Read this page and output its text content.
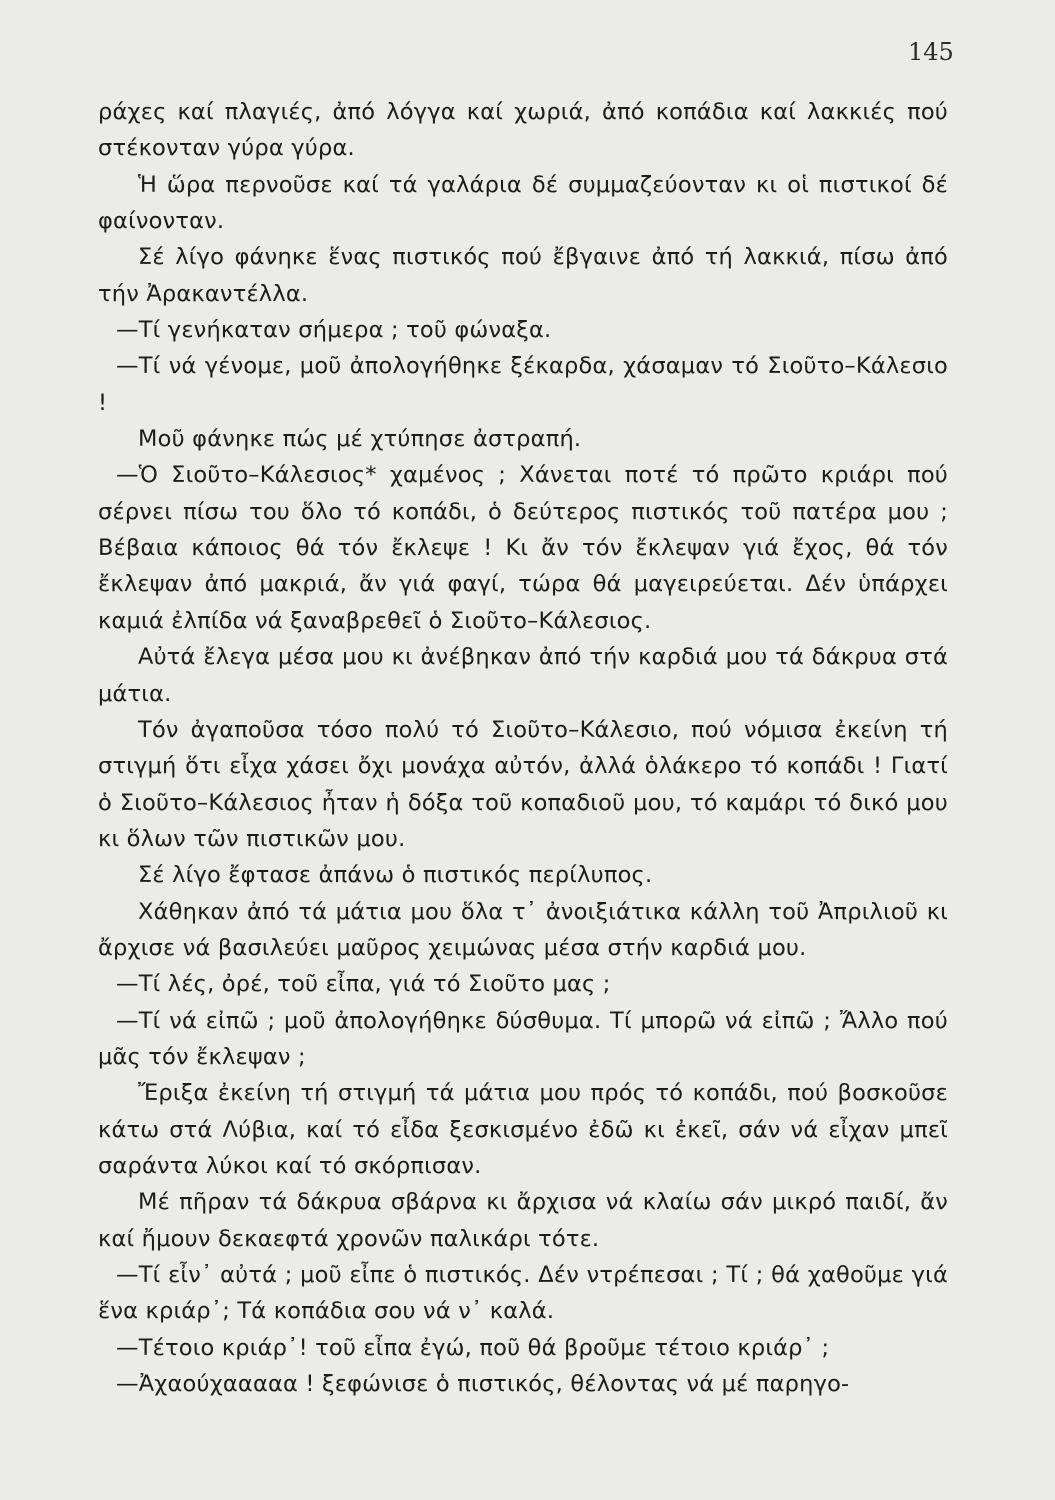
145

ράχες καί πλαγιές, ἀπό λόγγα καί χωριά, ἀπό κοπάδια καί λακκιές πού στέκονταν γύρα γύρα.

Ἡ ὥρα περνοῦσε καί τά γαλάρια δέ συμμαζεύονταν κι οἱ πιστικοί δέ φαίνονταν.

Σέ λίγο φάνηκε ἕνας πιστικός πού ἔβγαινε ἀπό τή λακκιά, πίσω ἀπό τήν Ἀρακαντέλλα.

—Τί γενήκαταν σήμερα ; τοῦ φώναξα.

—Τί νά γένομε, μοῦ ἀπολογήθηκε ξέκαρδα, χάσαμαν τό Σιοῦτο–Κάλεσιο !

Μοῦ φάνηκε πώς μέ χτύπησε ἀστραπή.

—Ὁ Σιοῦτο–Κάλεσιος* χαμένος ; Χάνεται ποτέ τό πρῶτο κριάρι πού σέρνει πίσω του ὅλο τό κοπάδι, ὁ δεύτερος πιστικός τοῦ πατέρα μου ; Βέβαια κάποιος θά τόν ἔκλεψε ! Κι ἄν τόν ἔκλεψαν γιά ἔχος, θά τόν ἔκλεψαν ἀπό μακριά, ἄν γιά φαγί, τώρα θά μαγειρεύεται. Δέν ὑπάρχει καμιά ἐλπίδα νά ξαναβρεθεῖ ὁ Σιοῦτο–Κάλεσιος.

Αὐτά ἔλεγα μέσα μου κι ἀνέβηκαν ἀπό τήν καρδιά μου τά δάκρυα στά μάτια.

Τόν ἀγαποῦσα τόσο πολύ τό Σιοῦτο–Κάλεσιο, πού νόμισα ἐκείνη τή στιγμή ὅτι εἶχα χάσει ὄχι μονάχα αὐτόν, ἀλλά ὁλάκερο τό κοπάδι ! Γιατί ὁ Σιοῦτο–Κάλεσιος ἦταν ἡ δόξα τοῦ κοπαδιοῦ μου, τό καμάρι τό δικό μου κι ὅλων τῶν πιστικῶν μου.

Σέ λίγο ἔφτασε ἀπάνω ὁ πιστικός περίλυπος.

Χάθηκαν ἀπό τά μάτια μου ὅλα τ᾽ ἀνοιξιάτικα κάλλη τοῦ Ἀπριλιοῦ κι ἄρχισε νά βασιλεύει μαῦρος χειμώνας μέσα στήν καρδιά μου.

—Τί λές, ὀρέ, τοῦ εἶπα, γιά τό Σιοῦτο μας ;

—Τί νά εἰπῶ ; μοῦ ἀπολογήθηκε δύσθυμα. Τί μπορῶ νά εἰπῶ ; Ἄλλο πού μᾶς τόν ἔκλεψαν ;

Ἔριξα ἐκείνη τή στιγμή τά μάτια μου πρός τό κοπάδι, πού βοσκοῦσε κάτω στά Λύβια, καί τό εἶδα ξεσκισμένο ἐδῶ κι ἐκεῖ, σάν νά εἶχαν μπεῖ σαράντα λύκοι καί τό σκόρπισαν.

Μέ πῆραν τά δάκρυα σβάρνα κι ἄρχισα νά κλαίω σάν μικρό παιδί, ἄν καί ἤμουν δεκαεφτά χρονῶν παλικάρι τότε.

—Τί εἶν᾽ αὐτά ; μοῦ εἶπε ὁ πιστικός. Δέν ντρέπεσαι ; Τί ; θά χαθοῦμε γιά ἕνα κριάρ᾽; Τά κοπάδια σου νά ν᾽ καλά.

—Τέτοιο κριάρ᾽! τοῦ εἶπα ἐγώ, ποῦ θά βροῦμε τέτοιο κριάρ᾽ ;

—Ἀχαούχααααα ! ξεφώνισε ὁ πιστικός, θέλοντας νά μέ παρηγο-
